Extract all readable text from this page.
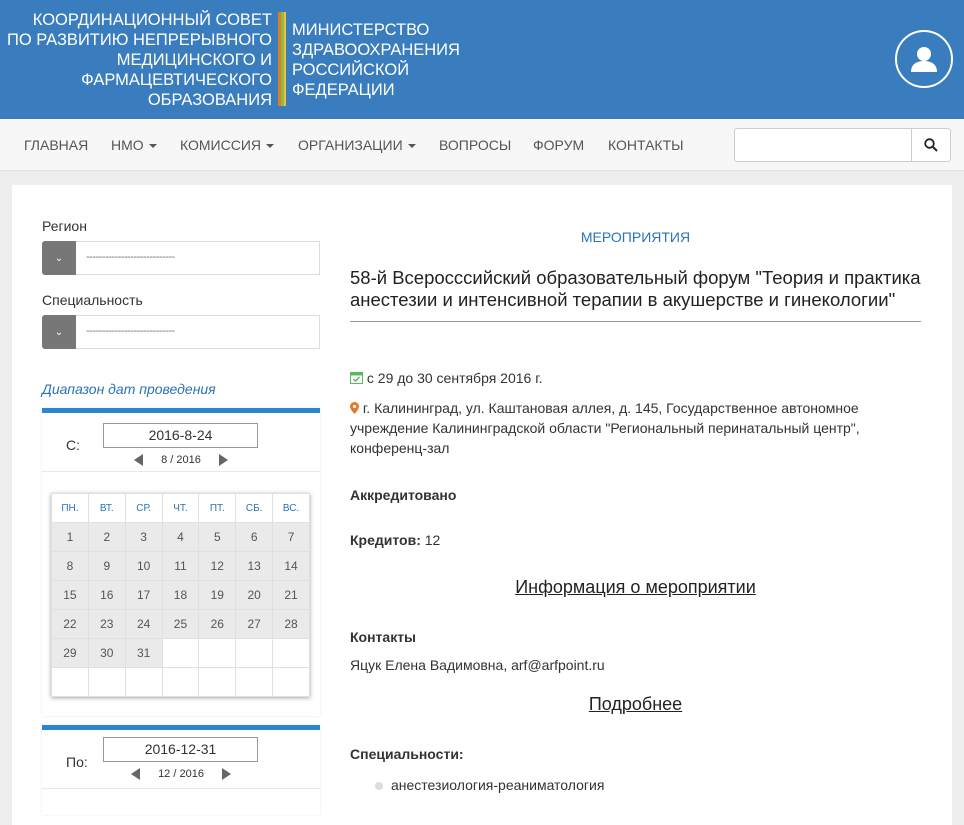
КООРДИНАЦИОННЫЙ СОВЕТ
ПО РАЗВИТИЮ НЕПРЕРЫВНОГО
МЕДИЦИНСКОГО И
ФАРМАЦЕВТИЧЕСКОГО
ОБРАЗОВАНИЯ
МИНИСТЕРСТВО
ЗДРАВООХРАНЕНИЯ
РОССИЙСКОЙ
ФЕДЕРАЦИИ
ГЛАВНАЯ НМО	КОМИССИЯ	ОРГАНИЗАЦИИ	ВОПРОСЫ ФОРУМ КОНТАКТЫ
Регион
⌄	----------------------------
Специальность
⌄	----------------------------
Диапазон дат проведения
С:
2016-8-24
8 / 2016
ПН.	ВТ.	СР.	ЧТ.	ПТ.	СБ.	ВС.
1	2	3	4	5	6	7
8	9	10	11	12	13	14
15	16	17	18	19	20	21
22	23	24	25	26	27	28
29	30	31				

По:
2016-12-31
12 / 2016
МЕРОПРИЯТИЯ
58-й Всеросcсийский образовательный форум "Теория и практика анестезии и интенсивной терапии в акушерстве и гинекологии"
с 29 до 30 сентября 2016 г.
г. Калининград, ул. Каштановая аллея, д. 145, Государственное автономное учреждение Калининградской области "Региональный перинатальный центр", конференц-зал
Аккредитовано
Кредитов: 12
Информация о мероприятии
Контакты
Яцук Елена Вадимовна, arf@arfpoint.ru
Подробнее
Специальности:
анестезиология-реаниматология
